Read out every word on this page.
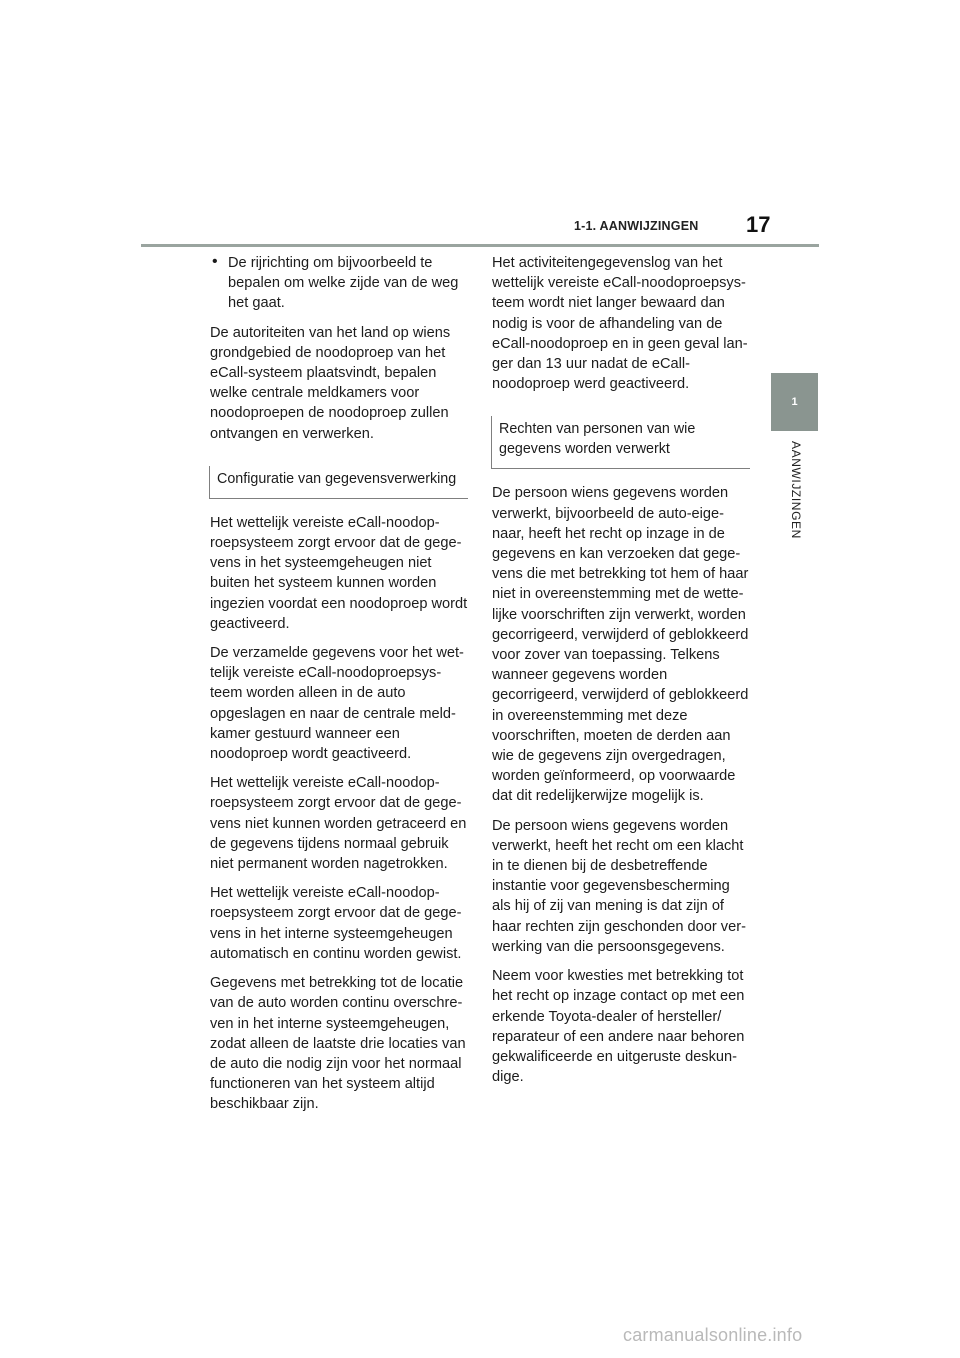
1-1. AANWIJZINGEN 17
1
AANWIJZINGEN
• De rijrichting om bijvoorbeeld te bepalen om welke zijde van de weg het gaat.

De autoriteiten van het land op wiens grondgebied de noodoproep van het eCall-systeem plaatsvindt, bepalen welke centrale meldkamers voor noodoproepen de noodoproep zullen ontvangen en verwerken.

Configuratie van gegevensverwerking

Het wettelijk vereiste eCall-noodoproepsysteem zorgt ervoor dat de gegevens in het systeemgeheugen niet buiten het systeem kunnen worden ingezien voordat een noodoproep wordt geactiveerd.

De verzamelde gegevens voor het wettelijk vereiste eCall-noodoproepsysteem worden alleen in de auto opgeslagen en naar de centrale meldkamer gestuurd wanneer een noodoproep wordt geactiveerd.

Het wettelijk vereiste eCall-noodoproepsysteem zorgt ervoor dat de gegevens niet kunnen worden getraceerd en de gegevens tijdens normaal gebruik niet permanent worden nagetrokken.

Het wettelijk vereiste eCall-noodoproepsysteem zorgt ervoor dat de gegevens in het interne systeemgeheugen automatisch en continu worden gewist.

Gegevens met betrekking tot de locatie van de auto worden continu overschreven in het interne systeemgeheugen, zodat alleen de laatste drie locaties van de auto die nodig zijn voor het normaal functioneren van het systeem altijd beschikbaar zijn.

Het activiteitengegevenslog van het wettelijk vereiste eCall-noodoproepsysteem wordt niet langer bewaard dan nodig is voor de afhandeling van de eCall-noodoproep en in geen geval langer dan 13 uur nadat de eCall-noodoproep werd geactiveerd.

Rechten van personen van wie gegevens worden verwerkt

De persoon wiens gegevens worden verwerkt, bijvoorbeeld de auto-eigenaar, heeft het recht op inzage in de gegevens en kan verzoeken dat gegevens die met betrekking tot hem of haar niet in overeenstemming met de wettelijke voorschriften zijn verwerkt, worden gecorrigeerd, verwijderd of geblokkeerd voor zover van toepassing. Telkens wanneer gegevens worden gecorrigeerd, verwijderd of geblokkeerd in overeenstemming met deze voorschriften, moeten de derden aan wie de gegevens zijn overgedragen, worden geïnformeerd, op voorwaarde dat dit redelijkerwijze mogelijk is.

De persoon wiens gegevens worden verwerkt, heeft het recht om een klacht in te dienen bij de desbetreffende instantie voor gegevensbescherming als hij of zij van mening is dat zijn of haar rechten zijn geschonden door verwerking van die persoonsgegevens.

Neem voor kwesties met betrekking tot het recht op inzage contact op met een erkende Toyota-dealer of hersteller/ reparateur of een andere naar behoren gekwalificeerde en uitgeruste deskundige.

carmanualsonline.info
